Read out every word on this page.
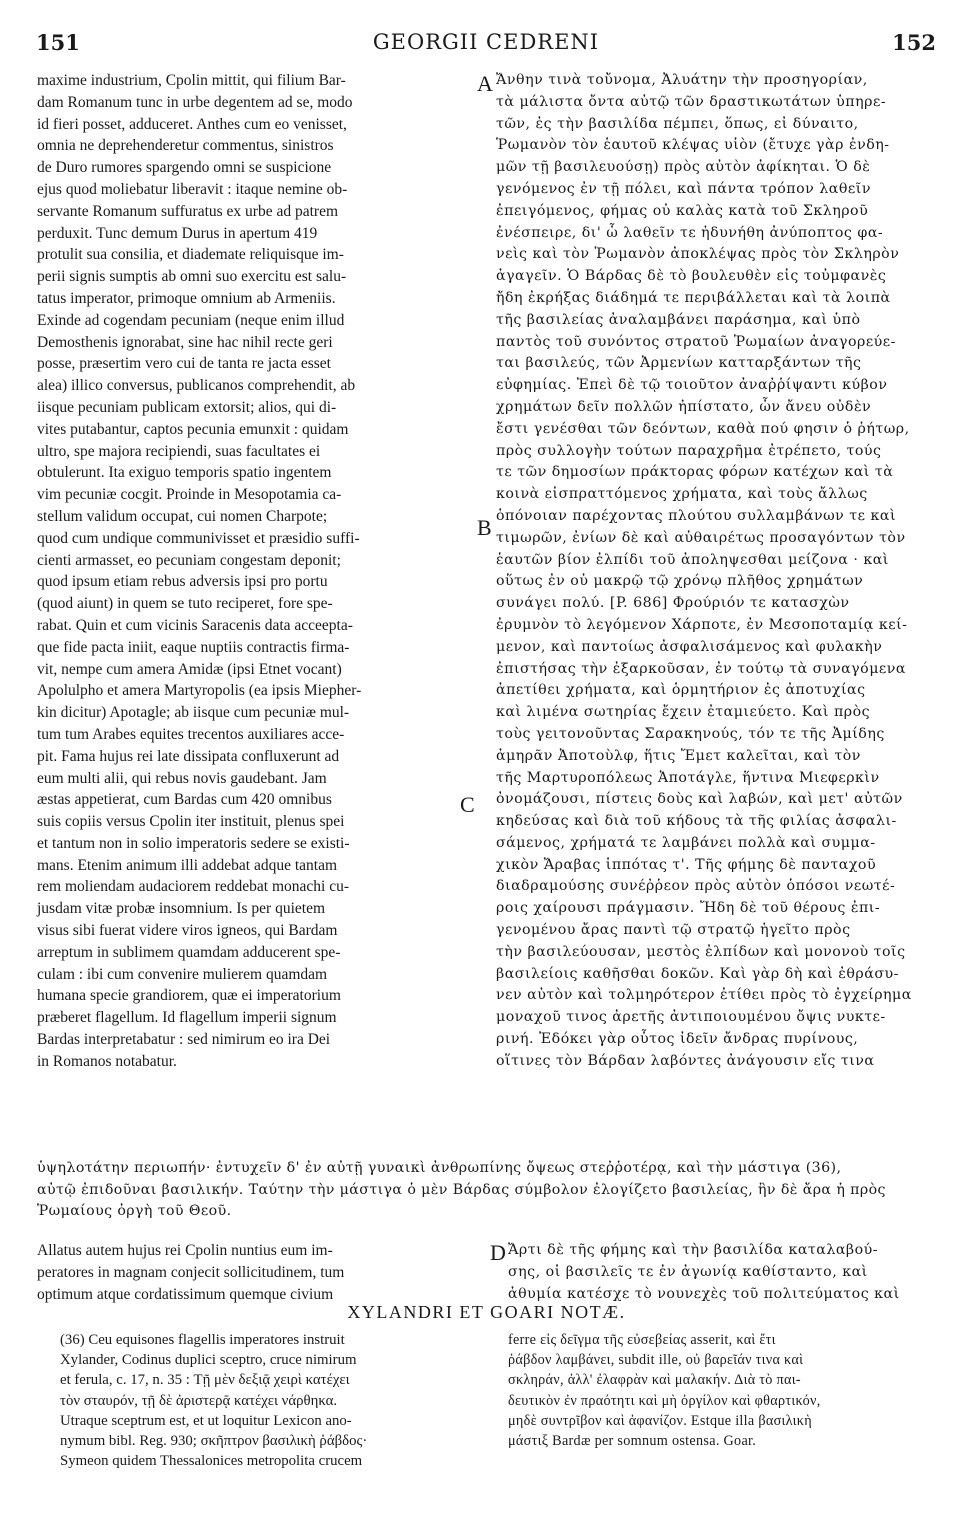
151	GEORGII CEDRENI	152

maxime industrium, Cpolin mittit, qui filium Bar-

dam Romanum tunc in urbe degentem ad se, modo

id fieri posset, adduceret. Anthes cum eo venisset,

omnia ne deprehenderetur commentus, sinistros

de Duro rumores spargendo omni se suspicione

ejus quod moliebatur liberavit : itaque nemine ob-

servante Romanum suffuratus ex urbe ad patrem

perduxit. Tunc demum Durus in apertum 419

protulit sua consilia, et diademate reliquisque im-

perii signis sumptis ab omni suo exercitu est salu-

tatus imperator, primoque omnium ab Armeniis.

Exinde ad cogendam pecuniam (neque enim illud

Demosthenis ignorabat, sine hac nihil recte geri

posse, præsertim vero cui de tanta re jacta esset

alea) illico conversus, publicanos comprehendit, ab

iisque pecuniam publicam extorsit; alios, qui di-

vites putabantur, captos pecunia emunxit : quidam

ultro, spe majora recipiendi, suas facultates ei

obtulerunt. Ita exiguo temporis spatio ingentem

vim pecuniæ cocgit. Proinde in Mesopotamia ca-

stellum validum occupat, cui nomen Charpote;

quod cum undique communivisset et præsidio suffi-

cienti armasset, eo pecuniam congestam deponit;

quod ipsum etiam rebus adversis ipsi pro portu

(quod aiunt) in quem se tuto reciperet, fore spe-

rabat. Quin et cum vicinis Saracenis data acceepta-

que fide pacta iniit, eaque nuptiis contractis firma-

vit, nempe cum amera Amidæ (ipsi Etnet vocant)

Apolulpho et amera Martyropolis (ea ipsis Miepher-

kin dicitur) Apotagle; ab iisque cum pecuniæ mul-

tum tum Arabes equites trecentos auxiliares acce-

pit. Fama hujus rei late dissipata confluxerunt ad

eum multi alii, qui rebus novis gaudebant. Jam

æstas appetierat, cum Bardas cum 420 omnibus

suis copiis versus Cpolin iter instituit, plenus spei

et tantum non in solio imperatoris sedere se existi-

mans. Etenim animum illi addebat adque tantam

rem moliendam audaciorem reddebat monachi cu-

jusdam vitæ probæ insomnium. Is per quietem

visus sibi fuerat videre viros igneos, qui Bardam

arreptum in sublimem quamdam adducerent spe-

culam : ibi cum convenire mulierem quamdam

humana specie grandiorem, quæ ei imperatorium

præberet flagellum. Id flagellum imperii signum

Bardas interpretabatur : sed nimirum eo ira Dei

in Romanos notabatur.

Ἄνθην τινὰ τοὔνομα, Ἀλυάτην τὴν προσηγορίαν,

τὰ μάλιστα ὄντα αὐτῷ τῶν δραστικωτάτων ὑπηρε-

τῶν, ἐς τὴν βασιλίδα πέμπει, ὅπως, εἰ δύναιτο,

Ῥωμανὸν τὸν ἑαυτοῦ κλέψας υἱὸν (ἔτυχε γὰρ ἐνδη-

μῶν τῇ βασιλευούσῃ) πρὸς αὐτὸν ἀφίκηται. Ὁ δὲ

γενόμενος ἐν τῇ πόλει, καὶ πάντα τρόπον λαθεῖν

ἐπειγόμενος, φήμας οὐ καλὰς κατὰ τοῦ Σκληροῦ

ἐνέσπειρε, δι' ὧ λαθεῖν τε ἠδυνήθη ἀνύποπτος φα-

νεὶς καὶ τὸν Ῥωμανὸν ἀποκλέψας πρὸς τὸν Σκληρὸν

ἀγαγεῖν. Ὁ Βάρδας δὲ τὸ βουλευθὲν εἰς τοὐμφανὲς

ἤδη ἐκρήξας διάδημά τε περιβάλλεται καὶ τὰ λοιπὰ

τῆς βασιλείας ἀναλαμβάνει παράσημα, καὶ ὑπὸ

παντὸς τοῦ συνόντος στρατοῦ Ῥωμαίων ἀναγορεύε-

ται βασιλεύς, τῶν Ἀρμενίων κατταρξάντων τῆς

εὐφημίας. Ἐπεὶ δὲ τῷ τοιοῦτον ἀναῤῥίψαντι κύβον

χρημάτων δεῖν πολλῶν ἠπίστατο, ὧν ἄνευ οὐδὲν

ἔστι γενέσθαι τῶν δεόντων, καθὰ πού φησιν ὁ ῥήτωρ,

πρὸς συλλογὴν τούτων παραχρῆμα ἐτρέπετο, τούς

τε τῶν δημοσίων πράκτορας φόρων κατέχων καὶ τὰ

κοινὰ εἰσπραττόμενος χρήματα, καὶ τοὺς ἄλλως

ὁπόνοιαν παρέχοντας πλούτου συλλαμβάνων τε καὶ

τιμωρῶν, ἐνίων δὲ καὶ αὐθαιρέτως προσαγόντων τὸν

ἑαυτῶν βίον ἐλπίδι τοῦ ἀποληψεσθαι μείζονα · καὶ

οὕτως ἐν οὐ μακρῷ τῷ χρόνῳ πλῆθος χρημάτων

συνάγει πολύ. [P. 686] Φρούριόν τε κατασχὼν

ἐρυμνὸν τὸ λεγόμενον Χάρποτε, ἐν Μεσοποταμίᾳ κεί-

μενον, καὶ παντοίως ἀσφαλισάμενος καὶ φυλακὴν

ἐπιστήσας τὴν ἐξαρκοῦσαν, ἐν τούτῳ τὰ συναγόμενα

ἀπετίθει χρήματα, καὶ ὁρμητήριον ἐς ἀποτυχίας

καὶ λιμένα σωτηρίας ἔχειν ἐταμιεύετο. Καὶ πρὸς

τοὺς γειτονοῦντας Σαρακηνούς, τόν τε τῆς Ἀμίδης

ἀμηρᾶν Ἀποτοὺλφ, ἥτις Ἔμετ καλεῖται, καὶ τὸν

τῆς Μαρτυροπόλεως Ἀποτάγλε, ἥντινα Μιεφερκὶν

ὀνομάζουσι, πίστεις δοὺς καὶ λαβών, καὶ μετ' αὐτῶν

κηδεύσας καὶ διὰ τοῦ κήδους τὰ τῆς φιλίας ἀσφαλι-

σάμενος, χρήματά τε λαμβάνει πολλὰ καὶ συμμα-

χικὸν Ἄραβας ἱππότας τ'. Τῆς φήμης δὲ πανταχοῦ

διαδραμούσης συνέῤῥεον πρὸς αὐτὸν ὁπόσοι νεωτέ-

ροις χαίρουσι πράγμασιν. Ἤδη δὲ τοῦ θέρους ἐπι-

γενομένου ἄρας παντὶ τῷ στρατῷ ἡγεῖτο πρὸς

τὴν βασιλεύουσαν, μεστὸς ἐλπίδων καὶ μονονοὺ τοῖς

βασιλείοις καθῆσθαι δοκῶν. Καὶ γὰρ δὴ καὶ ἐθράσυ-

νεν αὐτὸν καὶ τολμηρότερον ἐτίθει πρὸς τὸ ἐγχείρημα

μοναχοῦ τινος ἀρετῆς ἀντιποιουμένου ὄψις νυκτε-

ρινή. Ἐδόκει γὰρ οὗτος ἰδεῖν ἄνδρας πυρίνους,

οἵτινες τὸν Βάρδαν λαβόντες ἀνάγουσιν εἴς τινα

A
B
C
D

ὑψηλοτάτην περιωπήν· ἐντυχεῖν δ' ἐν αὐτῇ γυναικὶ ἀνθρωπίνης ὄψεως στεῤῥοτέρᾳ, καὶ τὴν μάστιγα (36),

αὐτῷ ἐπιδοῦναι βασιλικήν. Ταύτην τὴν μάστιγα ὁ μὲν Βάρδας σύμβολον ἐλογίζετο βασιλείας, ἣν δὲ ἄρα ἡ πρὸς

Ῥωμαίους ὀργὴ τοῦ Θεοῦ.

Allatus autem hujus rei Cpolin nuntius eum im-

peratores in magnam conjecit sollicitudinem, tum

optimum atque cordatissimum quemque civium

Ἄρτι δὲ τῆς φήμης καὶ τὴν βασιλίδα καταλαβού-

σης, οἱ βασιλεῖς τε ἐν ἀγωνίᾳ καθίσταντο, καὶ

ἀθυμία κατέσχε τὸ νουνεχὲς τοῦ πολιτεύματος καὶ

XYLANDRI ET GOARI NOTÆ.

(36) Ceu equisones flagellis imperatores instruit

Xylander, Codinus duplici sceptro, cruce nimirum

et ferula, c. 17, n. 35 : Τῇ μὲν δεξιᾷ χειρὶ κατέχει

τὸν σταυρόν, τῇ δὲ ἀριστερᾷ κατέχει νάρθηκα.

Utraque sceptrum est, et ut loquitur Lexicon ano-

nymum bibl. Reg. 930; σκῆπτρον βασιλικὴ ῥάβδος·

Symeon quidem Thessalonices metropolita crucem

ferre εἰς δεῖγμα τῆς εὐσεβείας asserit, καὶ ἔτι

ῥάβδον λαμβάνει, subdit ille, οὐ βαρεῖάν τινα καὶ

σκληράν, ἀλλ' ἐλαφρὰν καὶ μαλακήν. Διὰ τὸ παι-

δευτικὸν ἐν πραότητι καὶ μὴ ὀργίλον καὶ φθαρτικόν,

μηδὲ συντρῖβον καὶ ἀφανίζον. Estque illa βασιλικὴ

μάστιξ Bardæ per somnum ostensa. Goar.
